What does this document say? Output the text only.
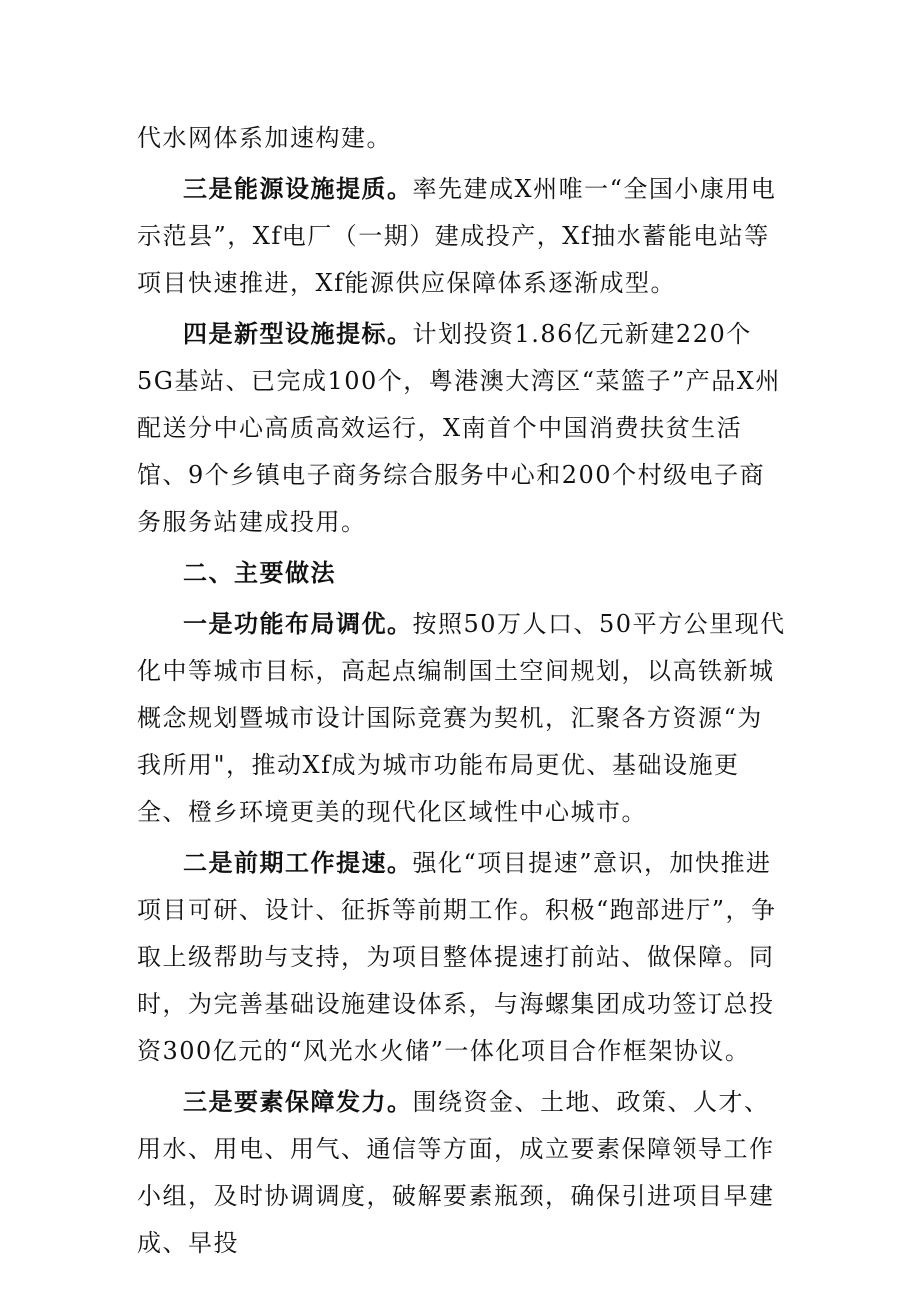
代水网体系加速构建。

三是能源设施提质。率先建成X州唯一“全国小康用电示范县”，Xf电厂（一期）建成投产，Xf抽水蓄能电站等项目快速推进，Xf能源供应保障体系逐渐成型。

四是新型设施提标。计划投资1.86亿元新建220个5G基站、已完成100个，粤港澳大湾区“菜篮子”产品X州配送分中心高质高效运行，X南首个中国消费扶贫生活馆、9个乡镇电子商务综合服务中心和200个村级电子商务服务站建成投用。

二、主要做法

一是功能布局调优。按照50万人口、50平方公里现代化中等城市目标，高起点编制国土空间规划，以高铁新城概念规划暨城市设计国际竞赛为契机，汇聚各方资源“为我所用"，推动Xf成为城市功能布局更优、基础设施更全、橙乡环境更美的现代化区域性中心城市。

二是前期工作提速。强化“项目提速”意识，加快推进项目可研、设计、征拆等前期工作。积极“跑部进厅”，争取上级帮助与支持，为项目整体提速打前站、做保障。同时，为完善基础设施建设体系，与海螺集团成功签订总投资300亿元的“风光水火储”一体化项目合作框架协议。

三是要素保障发力。围绕资金、土地、政策、人才、用水、用电、用气、通信等方面，成立要素保障领导工作小组，及时协调调度，破解要素瓶颈，确保引进项目早建成、早投
